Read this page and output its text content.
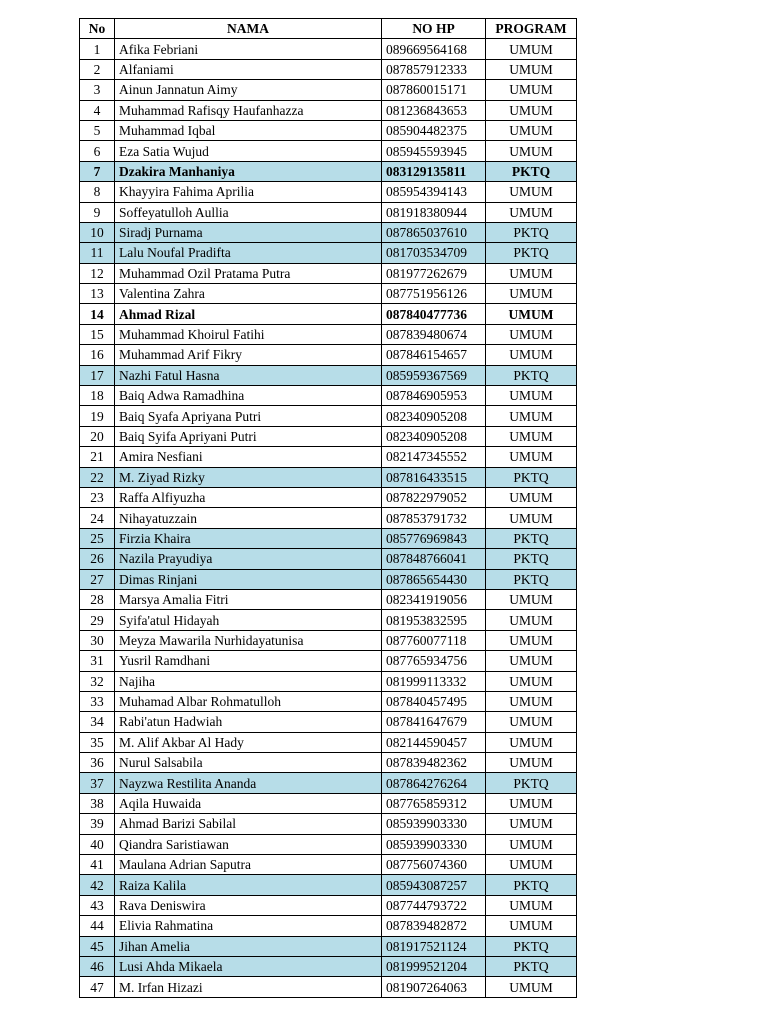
No	NAMA	NO HP	PROGRAM
1	Afika Febriani	089669564168	UMUM
2	Alfaniami	087857912333	UMUM
3	Ainun Jannatun Aimy	087860015171	UMUM
4	Muhammad Rafisqy Haufanhazza	081236843653	UMUM
5	Muhammad Iqbal	085904482375	UMUM
6	Eza Satia Wujud	085945593945	UMUM
7	Dzakira Manhaniya	083129135811	PKTQ
8	Khayyira Fahima Aprilia	085954394143	UMUM
9	Soffeyatulloh Aullia	081918380944	UMUM
10	Siradj Purnama	087865037610	PKTQ
11	Lalu Noufal Pradifta	081703534709	PKTQ
12	Muhammad Ozil Pratama Putra	081977262679	UMUM
13	Valentina Zahra	087751956126	UMUM
14	Ahmad Rizal	087840477736	UMUM
15	Muhammad Khoirul Fatihi	087839480674	UMUM
16	Muhammad Arif Fikry	087846154657	UMUM
17	Nazhi Fatul Hasna	085959367569	PKTQ
18	Baiq Adwa Ramadhina	087846905953	UMUM
19	Baiq Syafa Apriyana Putri	082340905208	UMUM
20	Baiq Syifa Apriyani Putri	082340905208	UMUM
21	Amira Nesfiani	082147345552	UMUM
22	M. Ziyad Rizky	087816433515	PKTQ
23	Raffa Alfiyuzha	087822979052	UMUM
24	Nihayatuzzain	087853791732	UMUM
25	Firzia Khaira	085776969843	PKTQ
26	Nazila Prayudiya	087848766041	PKTQ
27	Dimas Rinjani	087865654430	PKTQ
28	Marsya Amalia Fitri	082341919056	UMUM
29	Syifa'atul Hidayah	081953832595	UMUM
30	Meyza Mawarila Nurhidayatunisa	087760077118	UMUM
31	Yusril Ramdhani	087765934756	UMUM
32	Najiha	081999113332	UMUM
33	Muhamad Albar Rohmatulloh	087840457495	UMUM
34	Rabi'atun Hadwiah	087841647679	UMUM
35	M. Alif Akbar Al Hady	082144590457	UMUM
36	Nurul Salsabila	087839482362	UMUM
37	Nayzwa Restilita Ananda	087864276264	PKTQ
38	Aqila Huwaida	087765859312	UMUM
39	Ahmad Barizi Sabilal	085939903330	UMUM
40	Qiandra Saristiawan	085939903330	UMUM
41	Maulana Adrian Saputra	087756074360	UMUM
42	Raiza Kalila	085943087257	PKTQ
43	Rava Deniswira	087744793722	UMUM
44	Elivia Rahmatina	087839482872	UMUM
45	Jihan Amelia	081917521124	PKTQ
46	Lusi Ahda Mikaela	081999521204	PKTQ
47	M. Irfan Hizazi	081907264063	UMUM
